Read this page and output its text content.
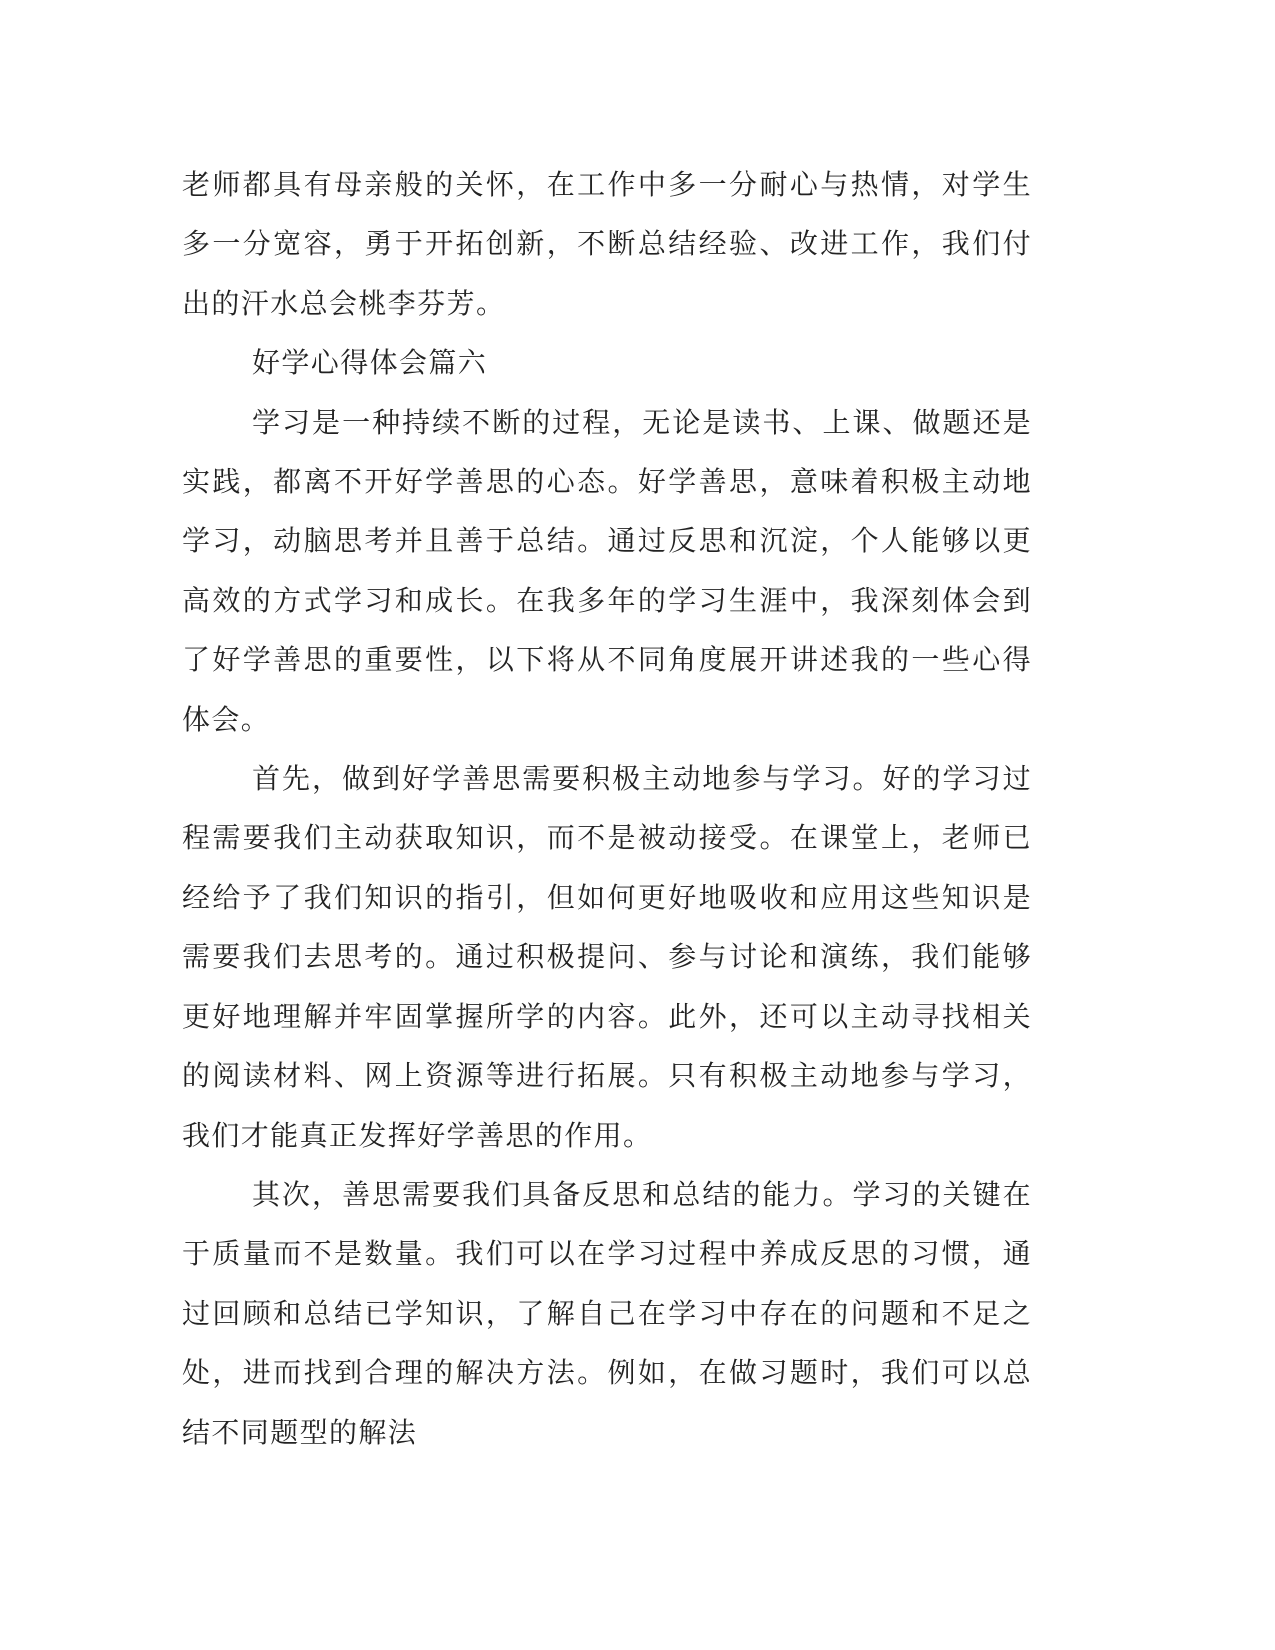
老师都具有母亲般的关怀，在工作中多一分耐心与热情，对学生多一分宽容，勇于开拓创新，不断总结经验、改进工作，我们付出的汗水总会桃李芬芳。

好学心得体会篇六

学习是一种持续不断的过程，无论是读书、上课、做题还是实践，都离不开好学善思的心态。好学善思，意味着积极主动地学习，动脑思考并且善于总结。通过反思和沉淀，个人能够以更高效的方式学习和成长。在我多年的学习生涯中，我深刻体会到了好学善思的重要性，以下将从不同角度展开讲述我的一些心得体会。

首先，做到好学善思需要积极主动地参与学习。好的学习过程需要我们主动获取知识，而不是被动接受。在课堂上，老师已经给予了我们知识的指引，但如何更好地吸收和应用这些知识是需要我们去思考的。通过积极提问、参与讨论和演练，我们能够更好地理解并牢固掌握所学的内容。此外，还可以主动寻找相关的阅读材料、网上资源等进行拓展。只有积极主动地参与学习，我们才能真正发挥好学善思的作用。

其次，善思需要我们具备反思和总结的能力。学习的关键在于质量而不是数量。我们可以在学习过程中养成反思的习惯，通过回顾和总结已学知识，了解自己在学习中存在的问题和不足之处，进而找到合理的解决方法。例如，在做习题时，我们可以总结不同题型的解法
